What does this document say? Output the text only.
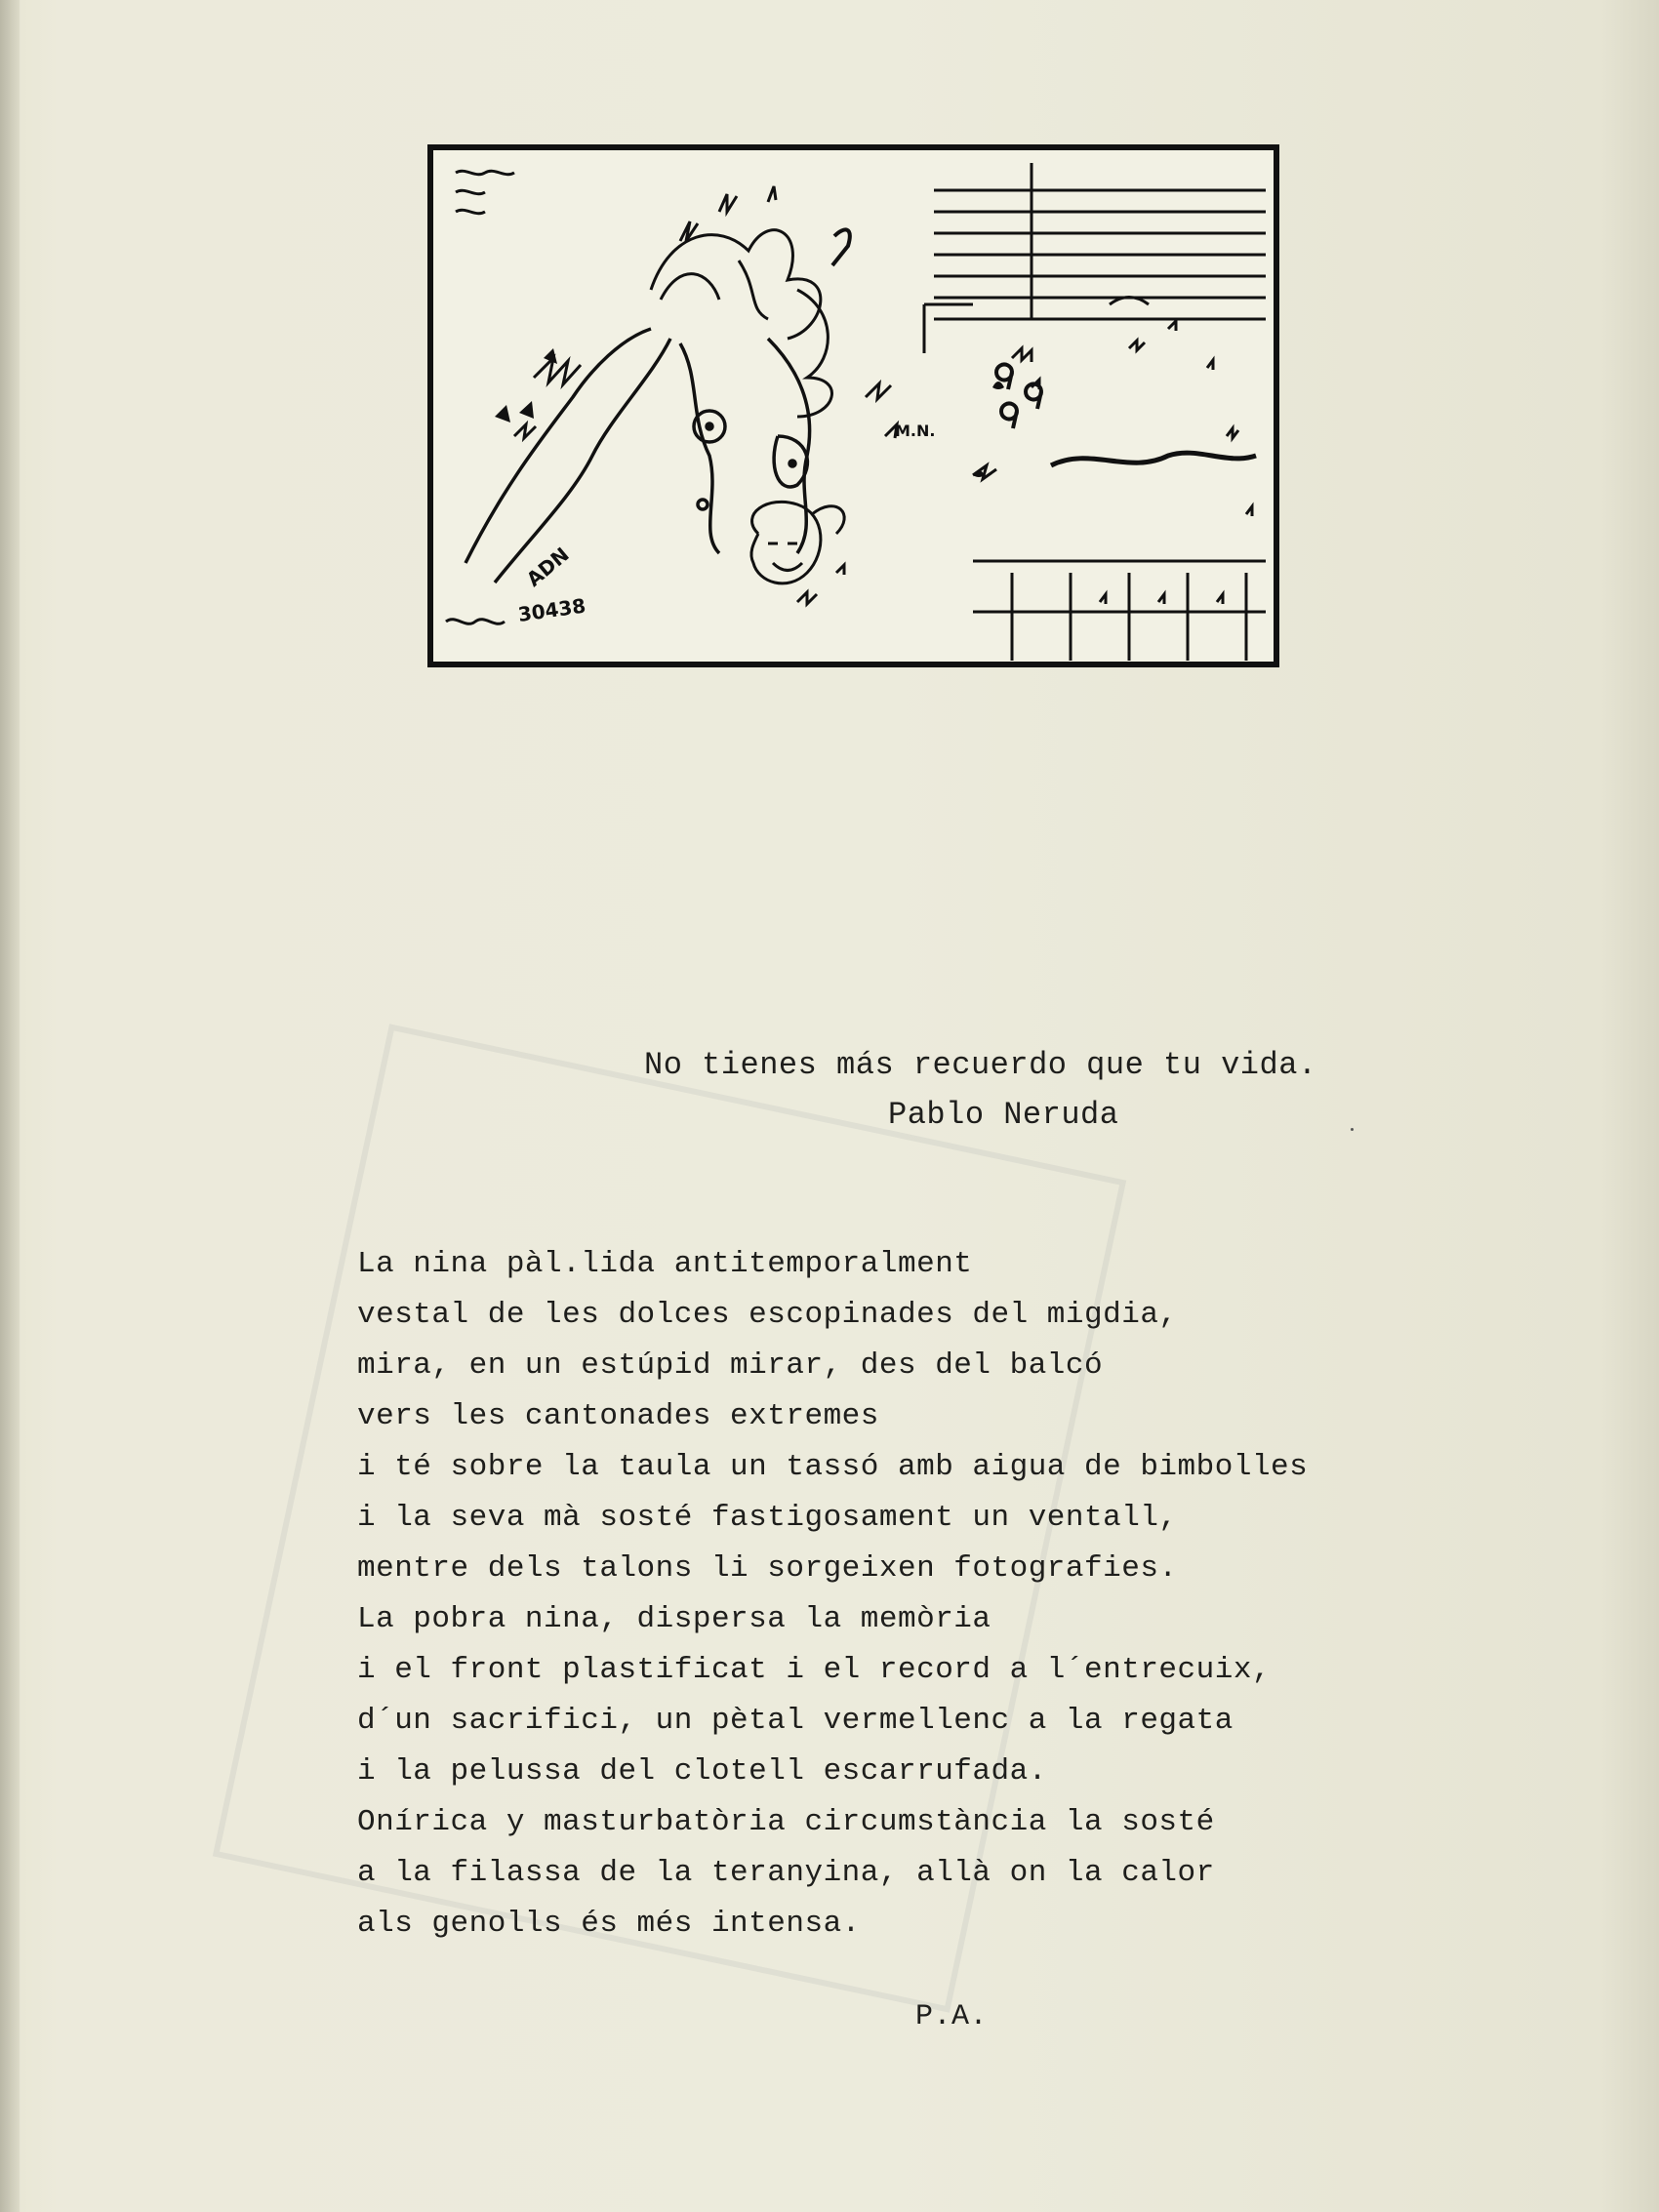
ADN
30438
M.N.
No tienes más recuerdo que tu vida.
Pablo Neruda
La nina pàl.lida antitemporalment
vestal de les dolces escopinades del migdia,
mira, en un estúpid mirar, des del balcó
vers les cantonades extremes
i té sobre la taula un tassó amb aigua de bimbolles
i la seva mà sosté fastigosament un ventall,
mentre dels talons li sorgeixen fotografies.
La pobra nina, dispersa la memòria
i el front plastificat i el record a l´entrecuix,
d´un sacrifici, un pètal vermellenc a la regata
i la pelussa del clotell escarrufada.
Onírica y masturbatòria circumstància la sosté
a la filassa de la teranyina, allà on la calor
als genolls és més intensa.
P.A.
